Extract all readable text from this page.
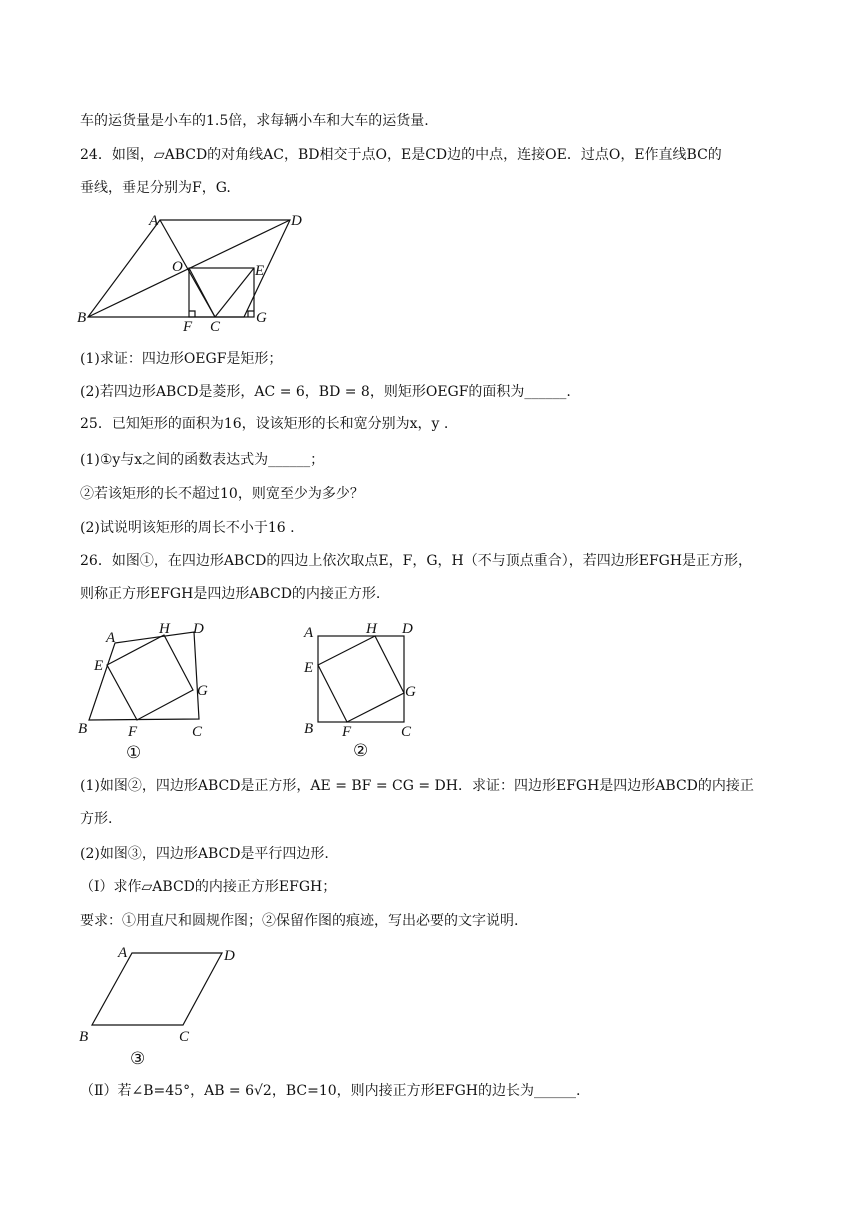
车的运货量是小车的1.5倍，求每辆小车和大车的运货量.
24．如图，▱ABCD的对角线AC，BD相交于点O，E是CD边的中点，连接OE．过点O，E作直线BC的
垂线，垂足分别为F，G.
A	D
O	E
B
F C
G
(1)求证：四边形OEGF是矩形；
(2)若四边形ABCD是菱形，AC = 6，BD = 8，则矩形OEGF的面积为______.
25．已知矩形的面积为16，设该矩形的长和宽分别为x，y .
(1)①y与x之间的函数表达式为______；
②若该矩形的长不超过10，则宽至少为多少？
(2)试说明该矩形的周长不小于16 .
26．如图①，在四边形ABCD的四边上依次取点E，F，G，H（不与顶点重合），若四边形EFGH是正方形，
则称正方形EFGH是四边形ABCD的内接正方形.
A
H D
E
G
B	F	C
①
A	H D
E
G
B F	C
②
(1)如图②，四边形ABCD是正方形，AE = BF = CG = DH．求证：四边形EFGH是四边形ABCD的内接正
方形.
(2)如图③，四边形ABCD是平行四边形.
（Ⅰ）求作▱ABCD的内接正方形EFGH；
要求：①用直尺和圆规作图；②保留作图的痕迹，写出必要的文字说明.
A	D
B	C
③
（Ⅱ）若∠B=45°，AB = 6√2，BC=10，则内接正方形EFGH的边长为______.
